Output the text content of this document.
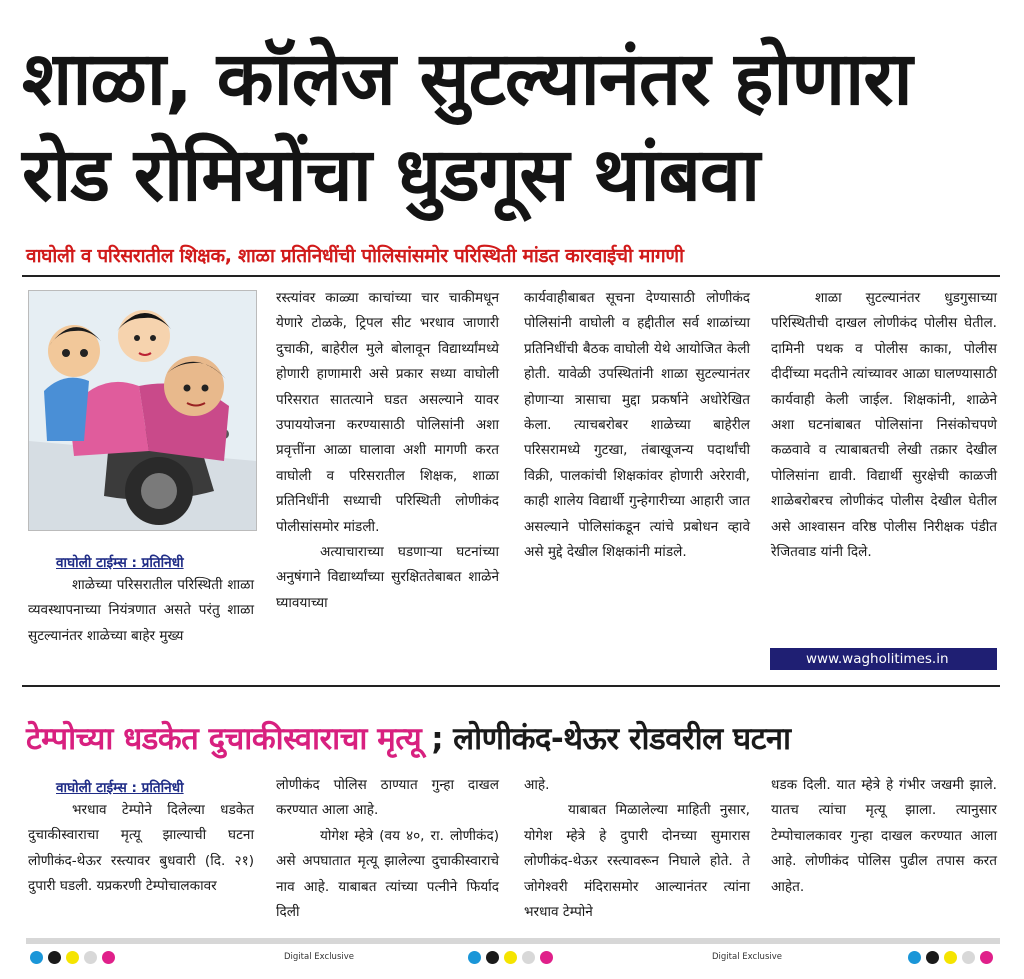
शाळा, कॉलेज सुटल्यानंतर होणारा
रोड रोमियोंचा धुडगूस थांबवा
वाघोली व परिसरातील शिक्षक, शाळा प्रतिनिधींची पोलिसांसमोर परिस्थिती मांडत कारवाईची मागणी
वाघोली टाईम्स : प्रतिनिधी

शाळेच्या परिसरातील परिस्थिती शाळा व्यवस्थापनाच्या नियंत्रणात असते परंतु शाळा सुटल्यानंतर शाळेच्या बाहेर मुख्य

रस्त्यांवर काळ्या काचांच्या चार चाकीमधून येणारे टोळके, ट्रिपल सीट भरधाव जाणारी दुचाकी, बाहेरील मुले बोलावून विद्यार्थ्यांमध्ये होणारी हाणामारी असे प्रकार सध्या वाघोली परिसरात सातत्याने घडत असल्याने यावर उपाययोजना करण्यासाठी पोलिसांनी अशा प्रवृत्तींना आळा घालावा अशी मागणी करत वाघोली व परिसरातील शिक्षक, शाळा प्रतिनिधींनी सध्याची परिस्थिती लोणीकंद पोलीसांसमोर मांडली.

अत्याचाराच्या घडणाऱ्या घटनांच्या अनुषंगाने विद्यार्थ्यांच्या सुरक्षिततेबाबत शाळेने घ्यावयाच्या

कार्यवाहीबाबत सूचना देण्यासाठी लोणीकंद पोलिसांनी वाघोली व हद्दीतील सर्व शाळांच्या प्रतिनिधींची बैठक वाघोली येथे आयोजित केली होती. यावेळी उपस्थितांनी शाळा सुटल्यानंतर होणाऱ्या त्रासाचा मुद्दा प्रकर्षाने अधोरेखित केला. त्याचबरोबर शाळेच्या बाहेरील परिसरामध्ये गुटखा, तंबाखूजन्य पदार्थांची विक्री, पालकांची शिक्षकांवर होणारी अरेरावी, काही शालेय विद्यार्थी गुन्हेगारीच्या आहारी जात असल्याने पोलिसांकडून त्यांचे प्रबोधन व्हावे असे मुद्दे देखील शिक्षकांनी मांडले.

शाळा सुटल्यानंतर धुडगुसाच्या परिस्थितीची दाखल लोणीकंद पोलीस घेतील. दामिनी पथक व पोलीस काका, पोलीस दीदींच्या मदतीने त्यांच्यावर आळा घालण्यासाठी कार्यवाही केली जाईल. शिक्षकांनी, शाळेने अशा घटनांबाबत पोलिसांना निसंकोचपणे कळवावे व त्याबाबतची लेखी तक्रार देखील पोलिसांना द्यावी. विद्यार्थी सुरक्षेची काळजी शाळेबरोबरच लोणीकंद पोलीस देखील घेतील असे आश्वासन वरिष्ठ पोलीस निरीक्षक पंडीत रेजितवाड यांनी दिले.

www.wagholitimes.in
टेम्पोच्या धडकेत दुचाकीस्वाराचा मृत्यू ; लोणीकंद-थेऊर रोडवरील घटना
वाघोली टाईम्स : प्रतिनिधी

भरधाव टेम्पोने दिलेल्या धडकेत दुचाकीस्वाराचा मृत्यू झाल्याची घटना लोणीकंद-थेऊर रस्त्यावर बुधवारी (दि. २१) दुपारी घडली. यप्रकरणी टेम्पोचालकावर

लोणीकंद पोलिस ठाण्यात गुन्हा दाखल करण्यात आला आहे.

योगेश म्हेत्रे (वय ४०, रा. लोणीकंद) असे अपघातात मृत्यू झालेल्या दुचाकीस्वाराचे नाव आहे. याबाबत त्यांच्या पत्नीने फिर्याद दिली

आहे.

याबाबत मिळालेल्या माहिती नुसार, योगेश म्हेत्रे हे दुपारी दोनच्या सुमारास लोणीकंद-थेऊर रस्त्यावरून निघाले होते. ते जोगेश्वरी मंदिरासमोर आल्यानंतर त्यांना भरधाव टेम्पोने

धडक दिली. यात म्हेत्रे हे गंभीर जखमी झाले. यातच त्यांचा मृत्यू झाला. त्यानुसार टेम्पोचालकावर गुन्हा दाखल करण्यात आला आहे. लोणीकंद पोलिस पुढील तपास करत आहेत.

Digital Exclusive	Digital Exclusive
